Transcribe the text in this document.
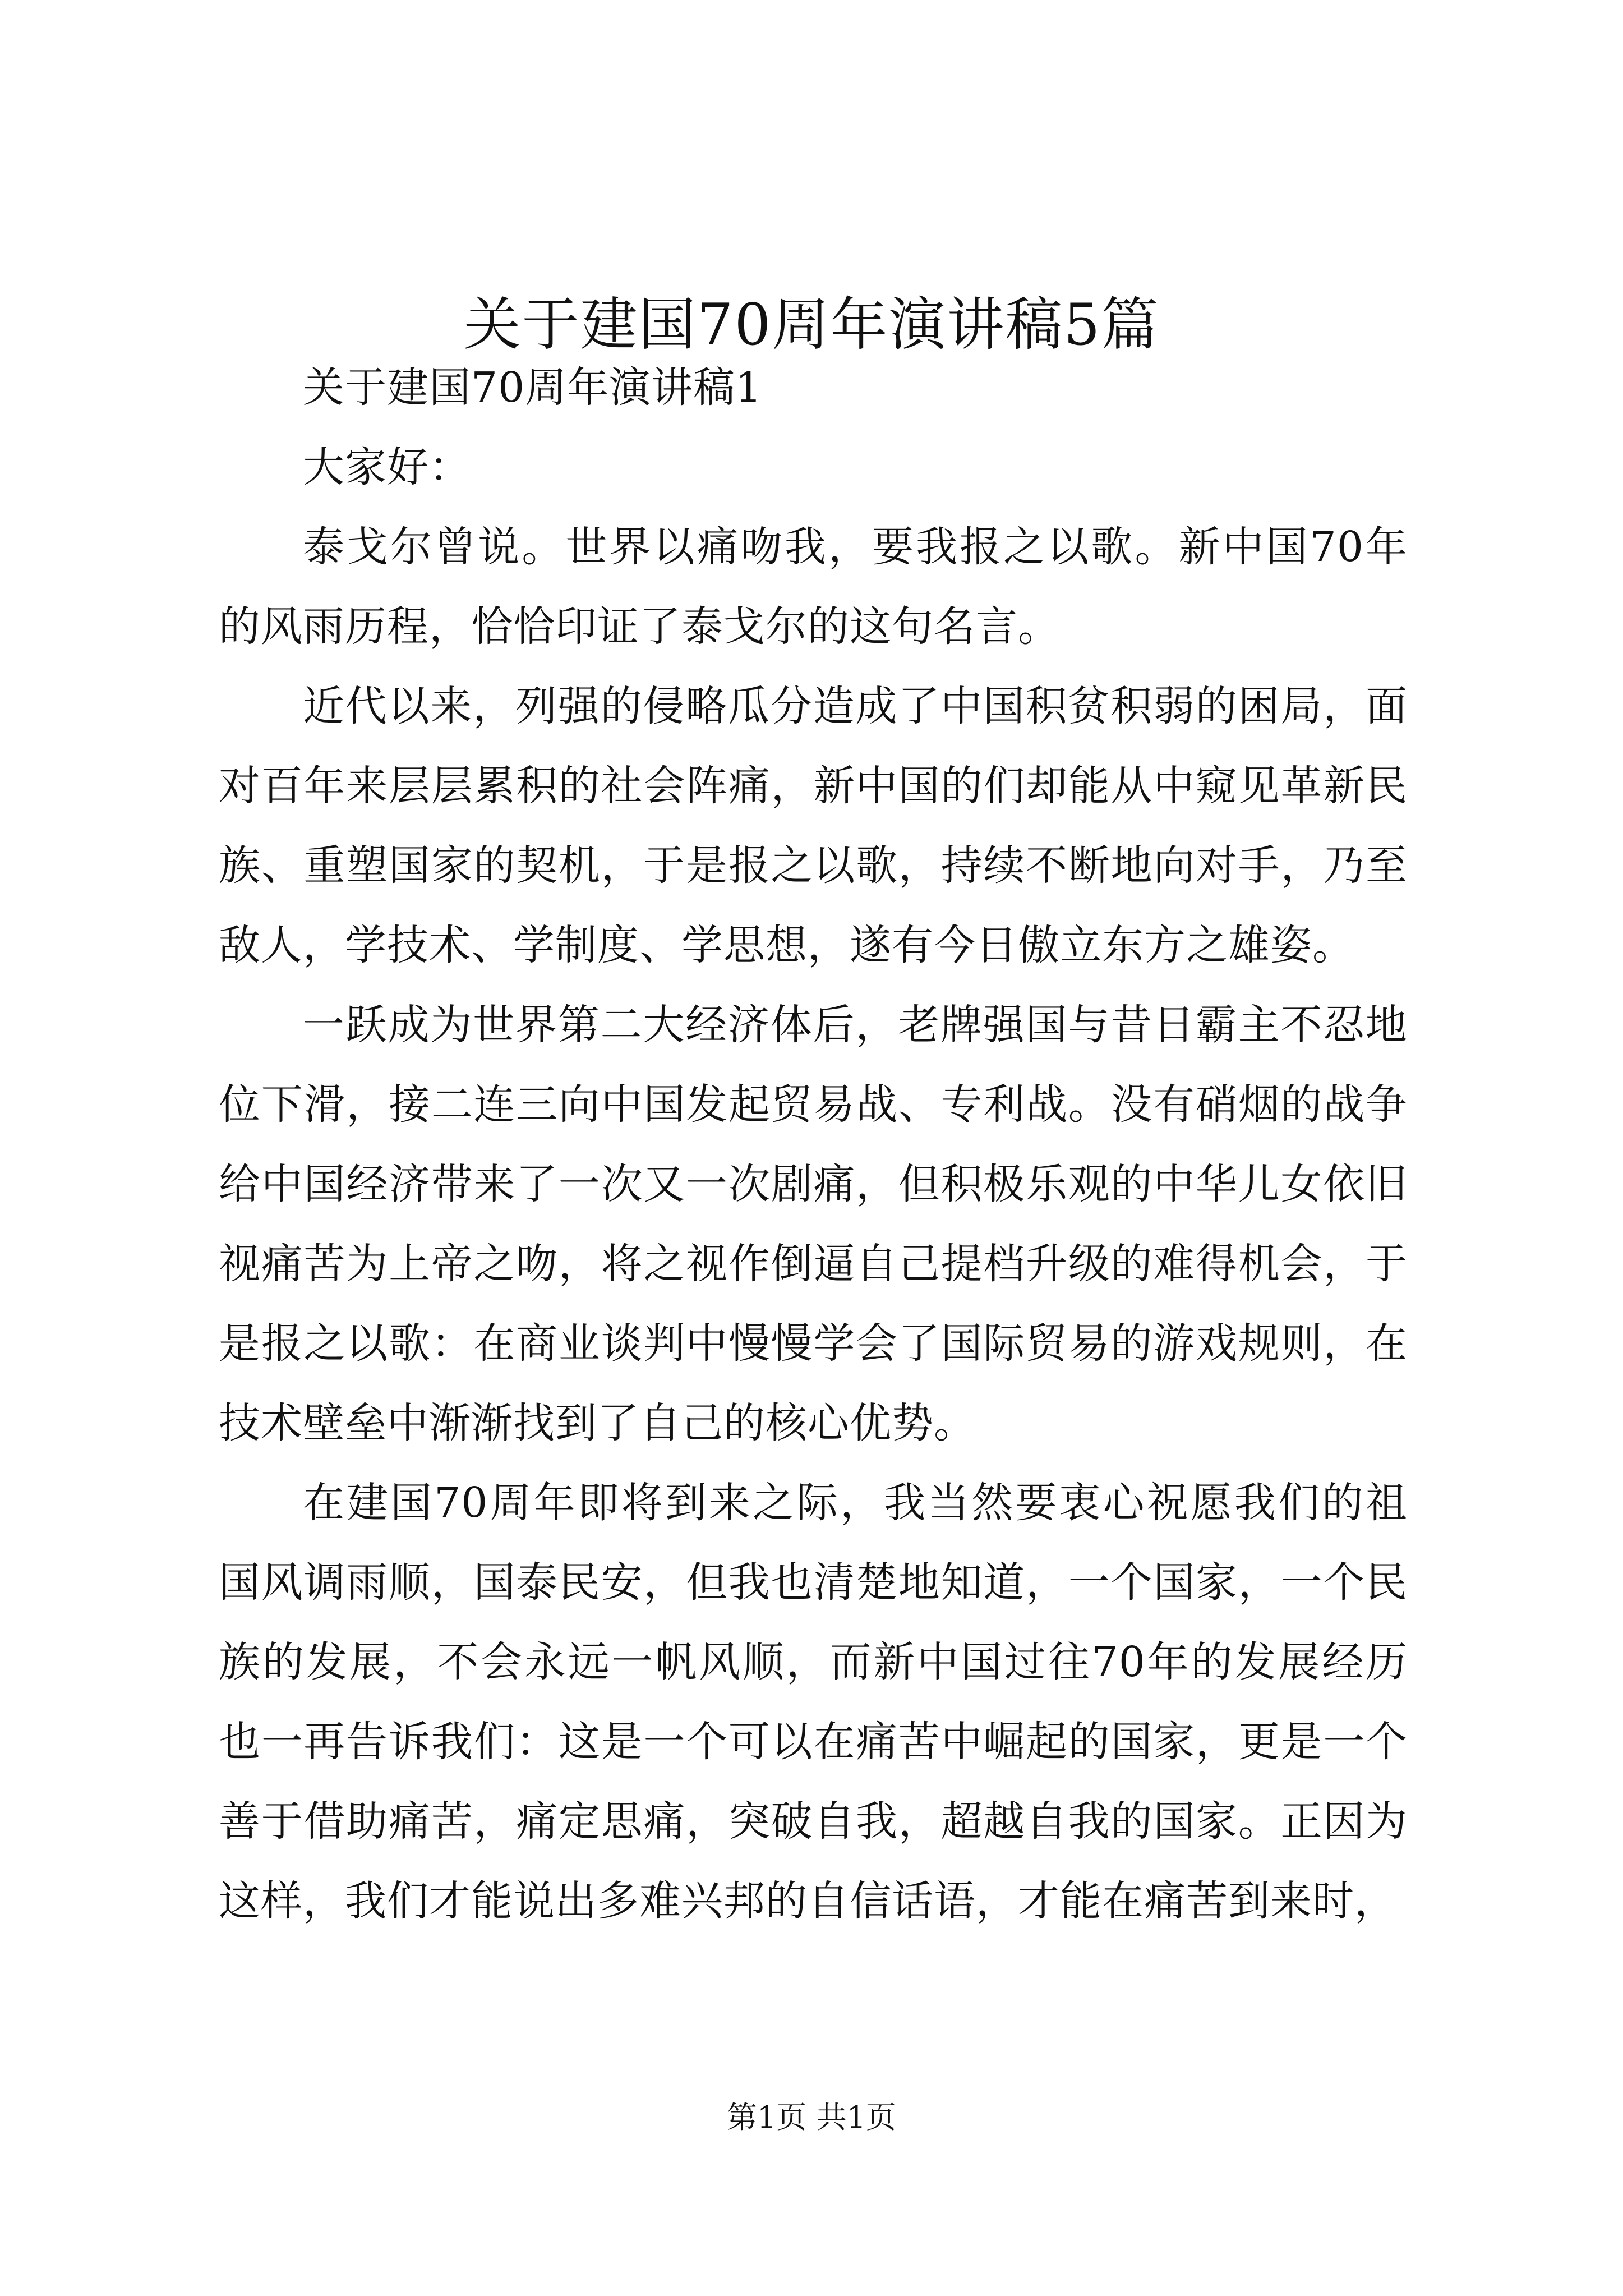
关于建国70周年演讲稿5篇

关于建国70周年演讲稿1

大家好：

泰戈尔曾说。世界以痛吻我，要我报之以歌。新中国70年的风雨历程，恰恰印证了泰戈尔的这句名言。

近代以来，列强的侵略瓜分造成了中国积贫积弱的困局，面对百年来层层累积的社会阵痛，新中国的们却能从中窥见革新民族、重塑国家的契机，于是报之以歌，持续不断地向对手，乃至敌人，学技术、学制度、学思想，遂有今日傲立东方之雄姿。

一跃成为世界第二大经济体后，老牌强国与昔日霸主不忍地位下滑，接二连三向中国发起贸易战、专利战。没有硝烟的战争给中国经济带来了一次又一次剧痛，但积极乐观的中华儿女依旧视痛苦为上帝之吻，将之视作倒逼自己提档升级的难得机会，于是报之以歌：在商业谈判中慢慢学会了国际贸易的游戏规则，在技术壁垒中渐渐找到了自己的核心优势。

在建国70周年即将到来之际，我当然要衷心祝愿我们的祖国风调雨顺，国泰民安，但我也清楚地知道，一个国家，一个民族的发展，不会永远一帆风顺，而新中国过往70年的发展经历也一再告诉我们：这是一个可以在痛苦中崛起的国家，更是一个善于借助痛苦，痛定思痛，突破自我，超越自我的国家。正因为这样，我们才能说出多难兴邦的自信话语，才能在痛苦到来时，

第1页 共1页
